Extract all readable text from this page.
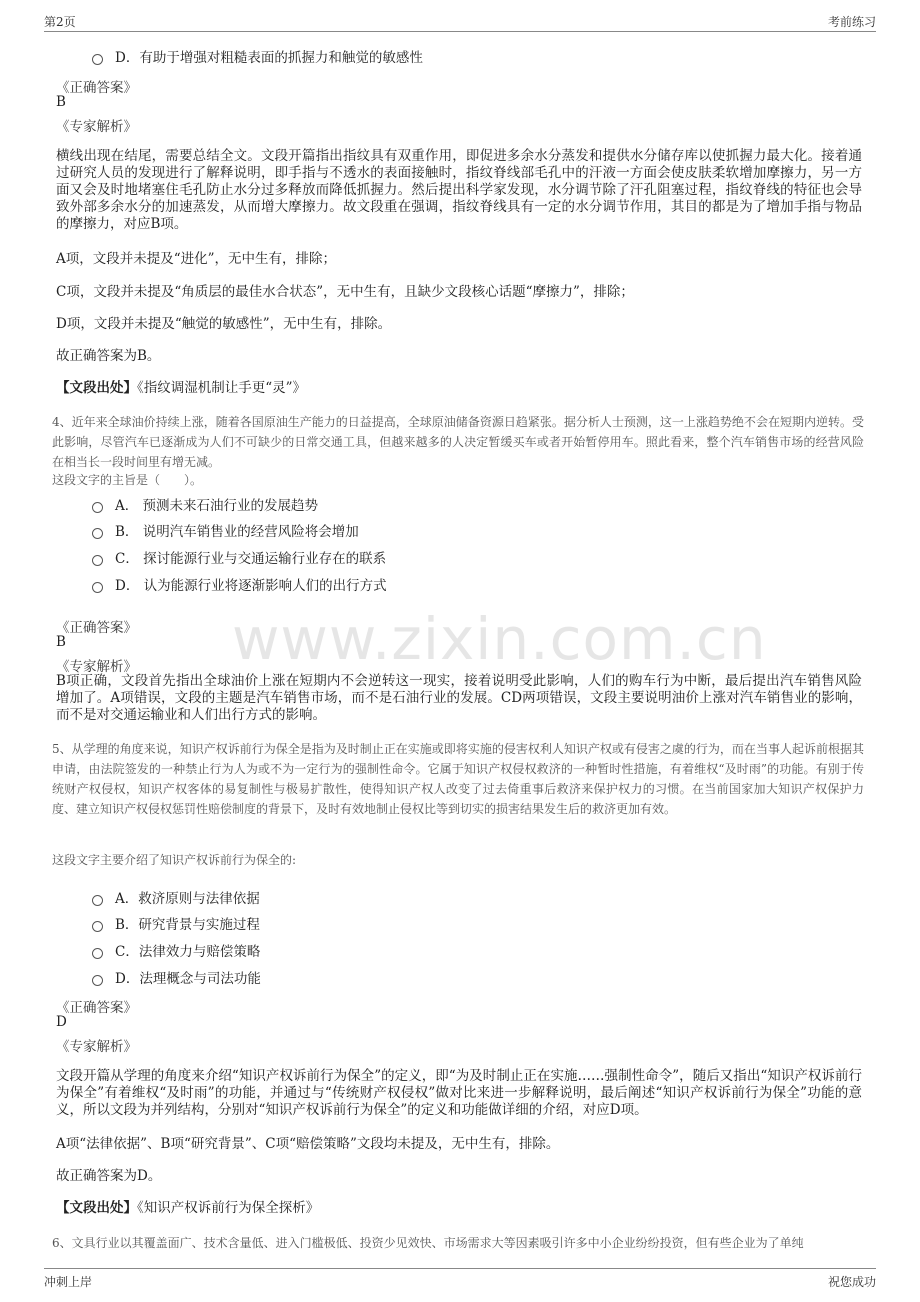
第2页	考前练习
www.zixin.com.cn
D．有助于增强对粗糙表面的抓握力和触觉的敏感性
《正确答案》
B
《专家解析》
横线出现在结尾，需要总结全文。文段开篇指出指纹具有双重作用，即促进多余水分蒸发和提供水分储存库以使抓握力最大化。接着通过研究人员的发现进行了解释说明，即手指与不透水的表面接触时，指纹脊线部毛孔中的汗液一方面会使皮肤柔软增加摩擦力，另一方面又会及时地堵塞住毛孔防止水分过多释放而降低抓握力。然后提出科学家发现，水分调节除了汗孔阻塞过程，指纹脊线的特征也会导致外部多余水分的加速蒸发，从而增大摩擦力。故文段重在强调，指纹脊线具有一定的水分调节作用，其目的都是为了增加手指与物品的摩擦力，对应B项。
A项，文段并未提及“进化”，无中生有，排除；
C项，文段并未提及“角质层的最佳水合状态”，无中生有，且缺少文段核心话题“摩擦力”，排除；
D项，文段并未提及“触觉的敏感性”，无中生有，排除。
故正确答案为B。
【文段出处】《指纹调湿机制让手更“灵”》
4、近年来全球油价持续上涨，随着各国原油生产能力的日益提高，全球原油储备资源日趋紧张。据分析人士预测，这一上涨趋势绝不会在短期内逆转。受此影响，尽管汽车已逐渐成为人们不可缺少的日常交通工具，但越来越多的人决定暂缓买车或者开始暂停用车。照此看来，整个汽车销售市场的经营风险在相当长一段时间里有增无减。
这段文字的主旨是（　　）。
A． 预测未来石油行业的发展趋势
B． 说明汽车销售业的经营风险将会增加
C． 探讨能源行业与交通运输行业存在的联系
D． 认为能源行业将逐渐影响人们的出行方式
《正确答案》
B
《专家解析》
B项正确，文段首先指出全球油价上涨在短期内不会逆转这一现实，接着说明受此影响，人们的购车行为中断，最后提出汽车销售风险增加了。A项错误，文段的主题是汽车销售市场，而不是石油行业的发展。CD两项错误，文段主要说明油价上涨对汽车销售业的影响，而不是对交通运输业和人们出行方式的影响。
5、从学理的角度来说，知识产权诉前行为保全是指为及时制止正在实施或即将实施的侵害权利人知识产权或有侵害之虞的行为，而在当事人起诉前根据其申请，由法院签发的一种禁止行为人为或不为一定行为的强制性命令。它属于知识产权侵权救济的一种暂时性措施，有着维权“及时雨”的功能。有别于传统财产权侵权，知识产权客体的易复制性与极易扩散性，使得知识产权人改变了过去倚重事后救济来保护权力的习惯。在当前国家加大知识产权保护力度、建立知识产权侵权惩罚性赔偿制度的背景下，及时有效地制止侵权比等到切实的损害结果发生后的救济更加有效。
这段文字主要介绍了知识产权诉前行为保全的:
A．救济原则与法律依据
B．研究背景与实施过程
C．法律效力与赔偿策略
D．法理概念与司法功能
《正确答案》
D
《专家解析》
文段开篇从学理的角度来介绍“知识产权诉前行为保全”的定义，即“为及时制止正在实施……强制性命令”，随后又指出“知识产权诉前行为保全”有着维权“及时雨”的功能，并通过与“传统财产权侵权”做对比来进一步解释说明，最后阐述“知识产权诉前行为保全”功能的意义，所以文段为并列结构，分别对“知识产权诉前行为保全”的定义和功能做详细的介绍，对应D项。
A项“法律依据”、B项“研究背景”、C项“赔偿策略”文段均未提及，无中生有，排除。
故正确答案为D。
【文段出处】《知识产权诉前行为保全探析》
6、文具行业以其覆盖面广、技术含量低、进入门槛极低、投资少见效快、市场需求大等因素吸引许多中小企业纷纷投资，但有些企业为了单纯
冲刺上岸	祝您成功
